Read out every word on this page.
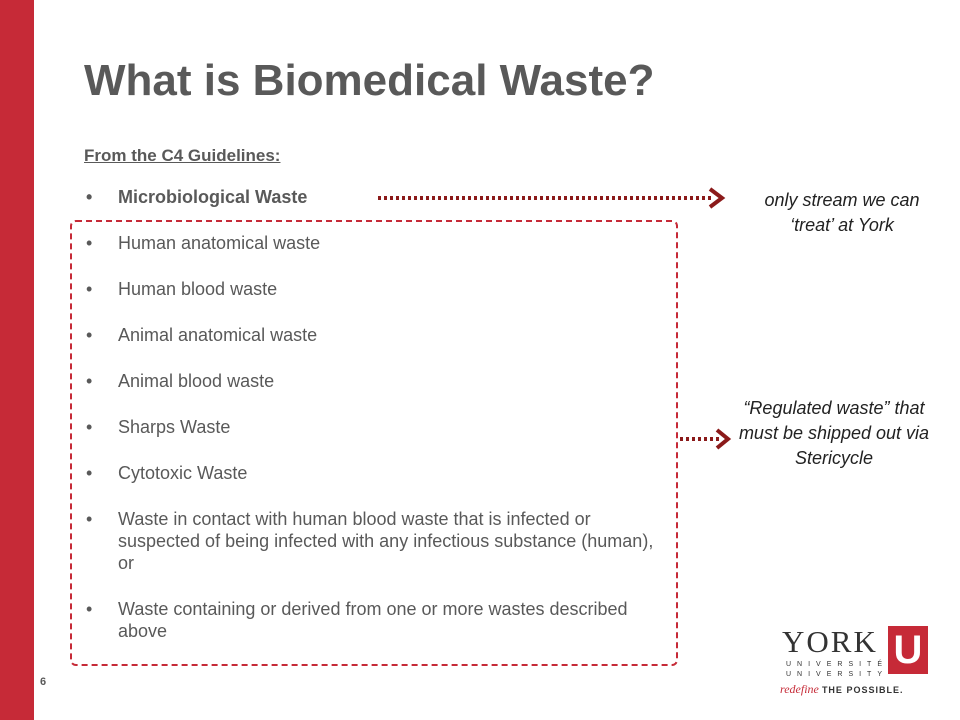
What is Biomedical Waste?
From the C4 Guidelines:
• Microbiological Waste
• Human anatomical waste
• Human blood waste
• Animal anatomical waste
• Animal blood waste
• Sharps Waste
• Cytotoxic Waste
• Waste in contact with human blood waste that is infected or suspected of being infected with any infectious substance (human), or
• Waste containing or derived from one or more wastes described above
only stream we can ‘treat’ at York
“Regulated waste” that must be shipped out via Stericycle
6
YORK
UNIVERSITÉ
UNIVERSITY
U
redefine THE POSSIBLE.
